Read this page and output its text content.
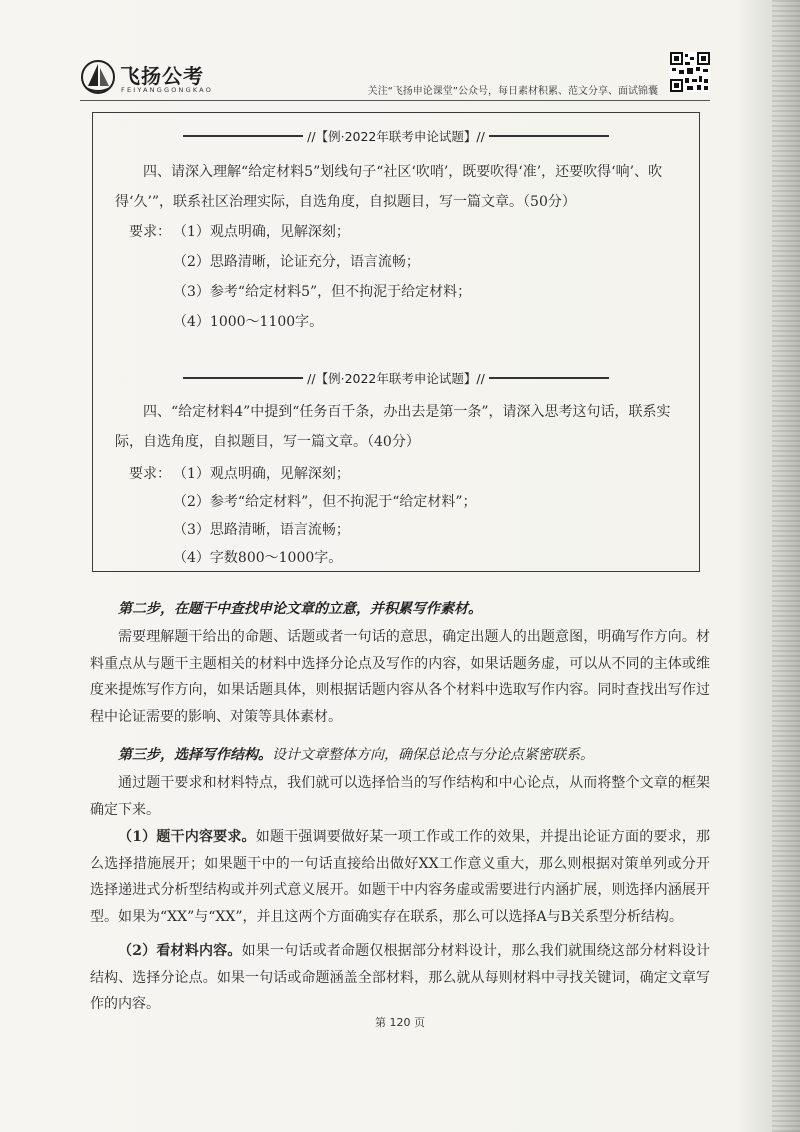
飞扬公考
FEIYANGGONGKAO	关注“飞扬申论课堂”公众号，每日素材积累、范文分享、面试锦囊
//【例·2022年联考申论试题】//
四、请深入理解“给定材料5”划线句子“社区‘吹哨’，既要吹得‘准’，还要吹得‘响’、吹得‘久’”，联系社区治理实际，自选角度，自拟题目，写一篇文章。（50分）
要求： （1）观点明确，见解深刻；
（2）思路清晰，论证充分，语言流畅；
（3）参考“给定材料5”，但不拘泥于给定材料；
（4）1000～1100字。
//【例·2022年联考申论试题】//
四、“给定材料4”中提到“任务百千条，办出去是第一条”，请深入思考这句话，联系实际，自选角度，自拟题目，写一篇文章。（40分）
要求： （1）观点明确，见解深刻；
（2）参考“给定材料”，但不拘泥于“给定材料”；
（3）思路清晰，语言流畅；
（4）字数800～1000字。
第二步，在题干中查找申论文章的立意，并积累写作素材。
需要理解题干给出的命题、话题或者一句话的意思，确定出题人的出题意图，明确写作方向。材料重点从与题干主题相关的材料中选择分论点及写作的内容，如果话题务虚，可以从不同的主体或维度来提炼写作方向，如果话题具体，则根据话题内容从各个材料中选取写作内容。同时查找出写作过程中论证需要的影响、对策等具体素材。
第三步，选择写作结构。设计文章整体方向，确保总论点与分论点紧密联系。
通过题干要求和材料特点，我们就可以选择恰当的写作结构和中心论点，从而将整个文章的框架确定下来。
（1）题干内容要求。如题干强调要做好某一项工作或工作的效果，并提出论证方面的要求，那么选择措施展开；如果题干中的一句话直接给出做好XX工作意义重大，那么则根据对策单列或分开选择递进式分析型结构或并列式意义展开。如题干中内容务虚或需要进行内涵扩展，则选择内涵展开型。如果为“XX”与“XX”，并且这两个方面确实存在联系，那么可以选择A与B关系型分析结构。
（2）看材料内容。如果一句话或者命题仅根据部分材料设计，那么我们就围绕这部分材料设计结构、选择分论点。如果一句话或命题涵盖全部材料，那么就从每则材料中寻找关键词，确定文章写作的内容。
第 120 页
